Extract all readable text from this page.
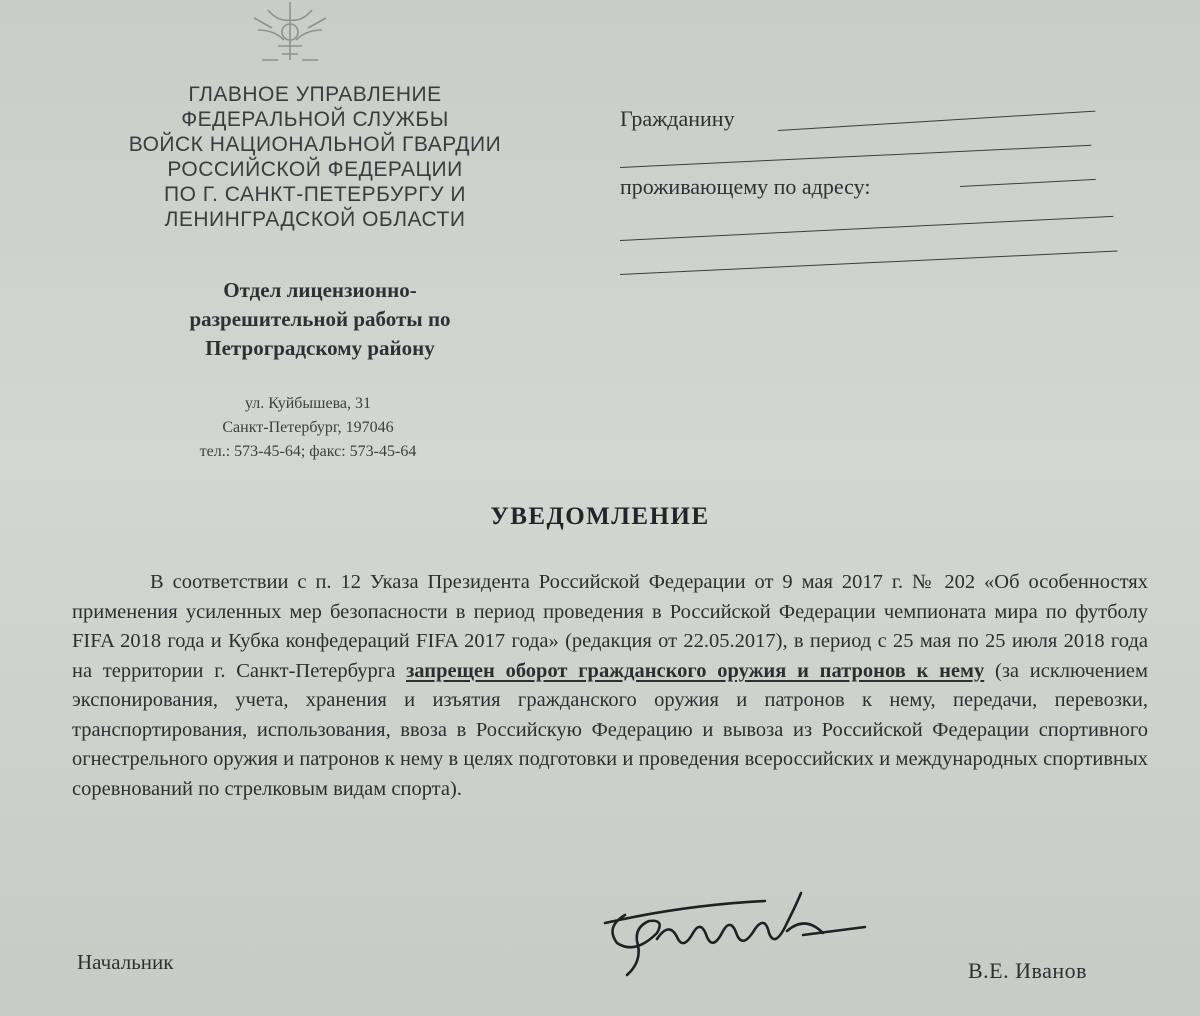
ГЛАВНОЕ УПРАВЛЕНИЕ
ФЕДЕРАЛЬНОЙ СЛУЖБЫ
ВОЙСК НАЦИОНАЛЬНОЙ ГВАРДИИ
РОССИЙСКОЙ ФЕДЕРАЦИИ
ПО Г. САНКТ-ПЕТЕРБУРГУ И
ЛЕНИНГРАДСКОЙ ОБЛАСТИ
Отдел лицензионно-
разрешительной работы по
Петроградскому району
ул. Куйбышева, 31
Санкт-Петербург, 197046
тел.: 573-45-64; факс: 573-45-64
Гражданину
проживающему по адресу:
УВЕДОМЛЕНИЕ
В соответствии с п. 12 Указа Президента Российской Федерации от 9 мая 2017 г. № 202 «Об особенностях применения усиленных мер безопасности в период проведения в Российской Федерации чемпионата мира по футболу FIFA 2018 года и Кубка конфедераций FIFA 2017 года» (редакция от 22.05.2017), в период с 25 мая по 25 июля 2018 года на территории г. Санкт-Петербурга запрещен оборот гражданского оружия и патронов к нему (за исключением экспонирования, учета, хранения и изъятия гражданского оружия и патронов к нему, передачи, перевозки, транспортирования, использования, ввоза в Российскую Федерацию и вывоза из Российской Федерации спортивного огнестрельного оружия и патронов к нему в целях подготовки и проведения всероссийских и международных спортивных соревнований по стрелковым видам спорта).
Начальник	В.Е. Иванов
